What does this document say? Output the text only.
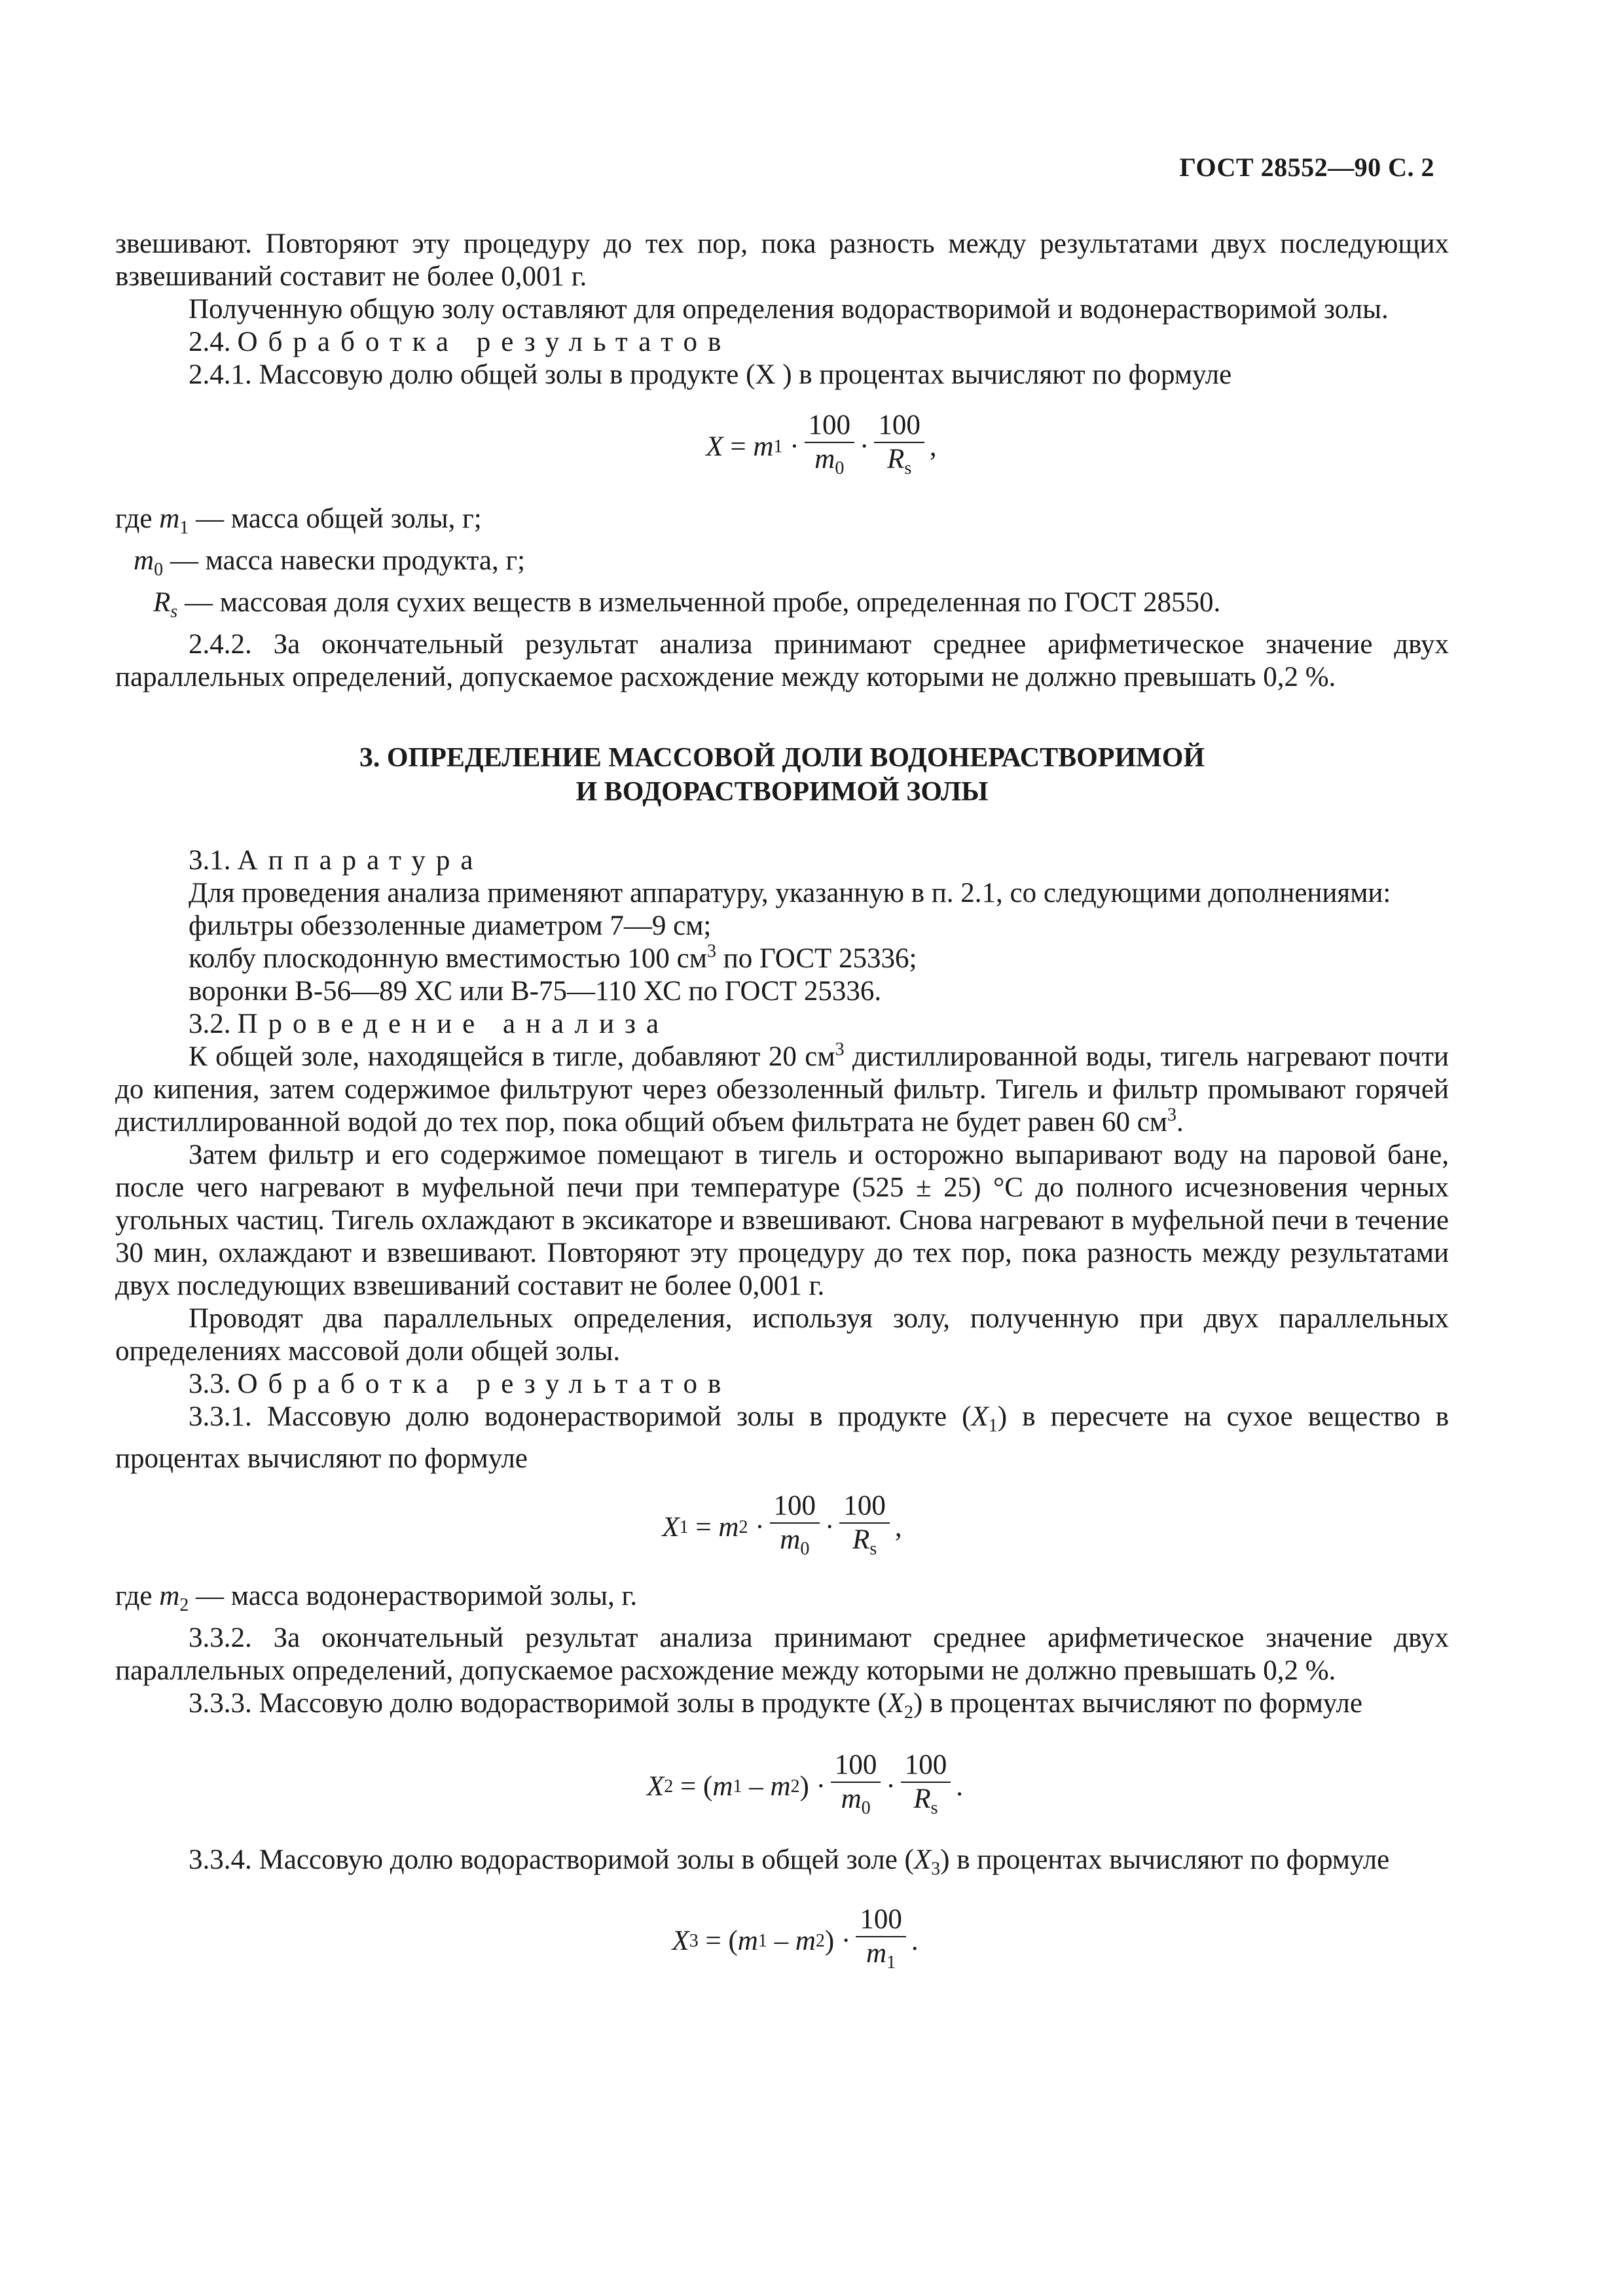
ГОСТ 28552—90 С. 2

звешивают. Повторяют эту процедуру до тех пор, пока разность между результатами двух последующих взвешиваний составит не более 0,001 г.

Полученную общую золу оставляют для определения водорастворимой и водонерастворимой золы.

2.4. Обработка результатов

2.4.1. Массовую долю общей золы в продукте (X ) в процентах вычисляют по формуле

X = m $1 \cdot \frac{100}{m_0} \cdot \frac{100}{R_s}$ ,

где $m_1$ — масса общей золы, г;

$m_0$ — масса навески продукта, г;

$R_s$ — массовая доля сухих веществ в измельченной пробе, определенная по ГОСТ 28550.

2.4.2. За окончательный результат анализа принимают среднее арифметическое значение двух параллельных определений, допускаемое расхождение между которыми не должно превышать 0,2 %.

3. ОПРЕДЕЛЕНИЕ МАССОВОЙ ДОЛИ ВОДОНЕРАСТВОРИМОЙ
И ВОДОРАСТВОРИМОЙ ЗОЛЫ

3.1. Аппаратура

Для проведения анализа применяют аппаратуру, указанную в п. 2.1, со следующими дополнениями:

фильтры обеззоленные диаметром 7—9 см;

колбу плоскодонную вместимостью 100 $см^3$ по ГОСТ 25336;

воронки В-56—89 ХС или В-75—110 ХС по ГОСТ 25336.

3.2. Проведение анализа

К общей золе, находящейся в тигле, добавляют 20 $см^3$ дистиллированной воды, тигель нагревают почти до кипения, затем содержимое фильтруют через обеззоленный фильтр. Тигель и фильтр промывают горячей дистиллированной водой до тех пор, пока общий объем фильтрата не будет равен 60 $см^3$.

Затем фильтр и его содержимое помещают в тигель и осторожно выпаривают воду на паровой бане, после чего нагревают в муфельной печи при температуре (525 ± 25) °С до полного исчезновения черных угольных частиц. Тигель охлаждают в эксикаторе и взвешивают. Снова нагревают в муфельной печи в течение 30 мин, охлаждают и взвешивают. Повторяют эту процедуру до тех пор, пока разность между результатами двух последующих взвешиваний составит не более 0,001 г.

Проводят два параллельных определения, используя золу, полученную при двух параллельных определениях массовой доли общей золы.

3.3. Обработка результатов

3.3.1. Массовую долю водонерастворимой золы в продукте $(X_1)$ в пересчете на сухое вещество в процентах вычисляют по формуле

X 1 = m $2 \cdot \frac{100}{m_0} \cdot \frac{100}{R_s}$ ,

где $m_2$ — масса водонерастворимой золы, г.

3.3.2. За окончательный результат анализа принимают среднее арифметическое значение двух параллельных определений, допускаемое расхождение между которыми не должно превышать 0,2 %.

3.3.3. Массовую долю водорастворимой золы в продукте $(X_2)$ в процентах вычисляют по формуле

X 2 = ( m 1 – m 2 ) · $\frac{100}{m_0} \cdot \frac{100}{R_s}$ .

3.3.4. Массовую долю водорастворимой золы в общей золе $(X_3)$ в процентах вычисляют по формуле

X 3 = ( m 1 – m 2 ) · $\frac{100}{m_1}$ .
